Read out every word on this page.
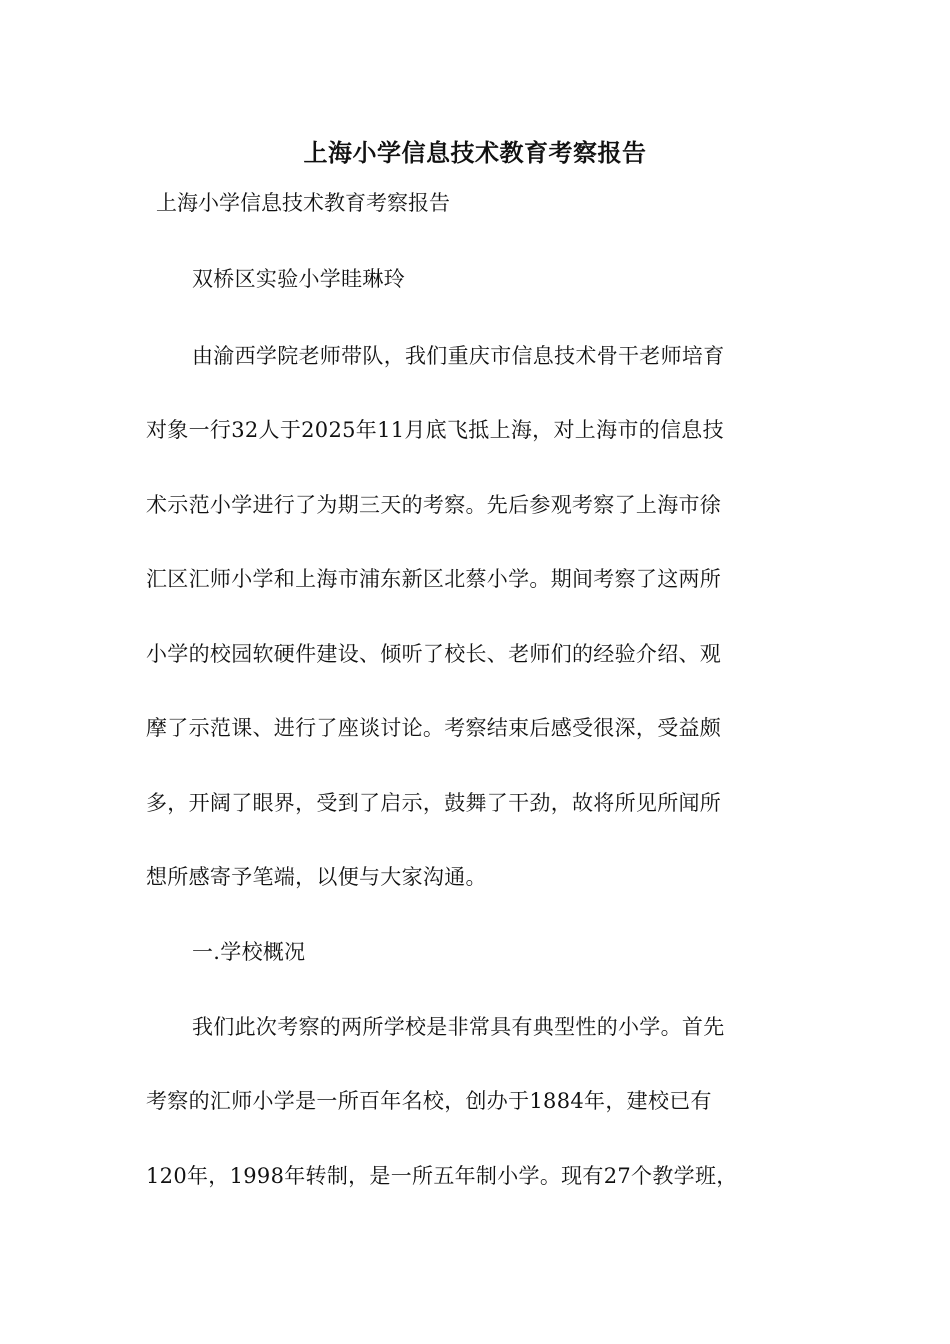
上海小学信息技术教育考察报告
上海小学信息技术教育考察报告
双桥区实验小学眭琳玲
由渝西学院老师带队，我们重庆市信息技术骨干老师培育
对象一行32人于2025年11月底飞抵上海，对上海市的信息技
术示范小学进行了为期三天的考察。先后参观考察了上海市徐
汇区汇师小学和上海市浦东新区北蔡小学。期间考察了这两所
小学的校园软硬件建设、倾听了校长、老师们的经验介绍、观
摩了示范课、进行了座谈讨论。考察结束后感受很深，受益颇
多，开阔了眼界，受到了启示，鼓舞了干劲，故将所见所闻所
想所感寄予笔端，以便与大家沟通。
一.学校概况
我们此次考察的两所学校是非常具有典型性的小学。首先
考察的汇师小学是一所百年名校，创办于1884年，建校已有
120年，1998年转制，是一所五年制小学。现有27个教学班，
